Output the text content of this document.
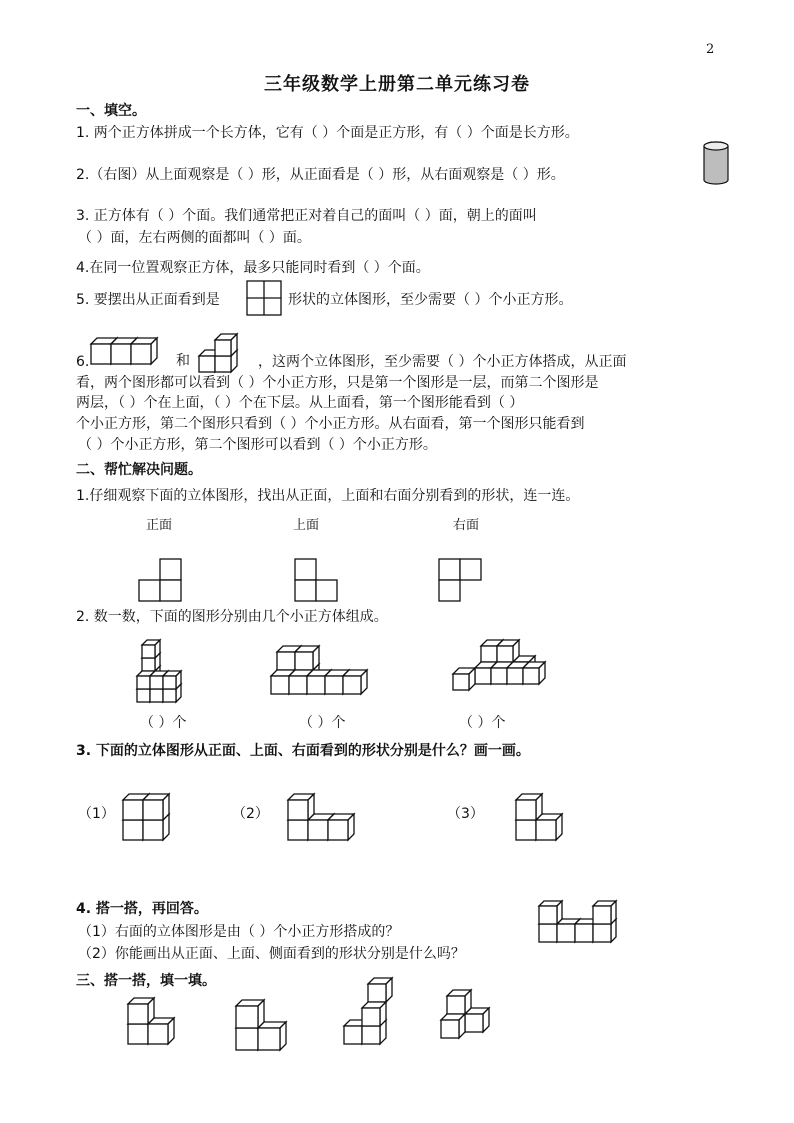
2
三年级数学上册第二单元练习卷
一、填空。
1. 两个正方体拼成一个长方体，它有（ ）个面是正方形，有（ ）个面是长方形。
2.（右图）从上面观察是（ ）形，从正面看是（ ）形，从右面观察是（ ）形。
3. 正方体有（ ）个面。我们通常把正对着自己的面叫（ ）面，朝上的面叫
（ ）面，左右两侧的面都叫（ ）面。
4.在同一位置观察正方体，最多只能同时看到（ ）个面。
5. 要摆出从正面看到是	形状的立体图形，至少需要（ ）个小正方形。
6.	和	，这两个立体图形，至少需要（ ）个小正方体搭成，从正面
看，两个图形都可以看到（ ）个小正方形，只是第一个图形是一层，而第二个图形是
两层，（ ）个在上面，（ ）个在下层。从上面看，第一个图形能看到（ ）
个小正方形，第二个图形只看到（ ）个小正方形。从右面看，第一个图形只能看到
（ ）个小正方形，第二个图形可以看到（ ）个小正方形。
二、帮忙解决问题。
1.仔细观察下面的立体图形，找出从正面，上面和右面分别看到的形状，连一连。
正面	上面	右面
2. 数一数，下面的图形分别由几个小正方体组成。
（ ）个	（ ）个	（ ）个
3. 下面的立体图形从正面、上面、右面看到的形状分别是什么？画一画。
（1）	（2）	（3）
4. 搭一搭，再回答。
（1）右面的立体图形是由（ ）个小正方形搭成的？
（2）你能画出从正面、上面、侧面看到的形状分别是什么吗？
三、搭一搭，填一填。
